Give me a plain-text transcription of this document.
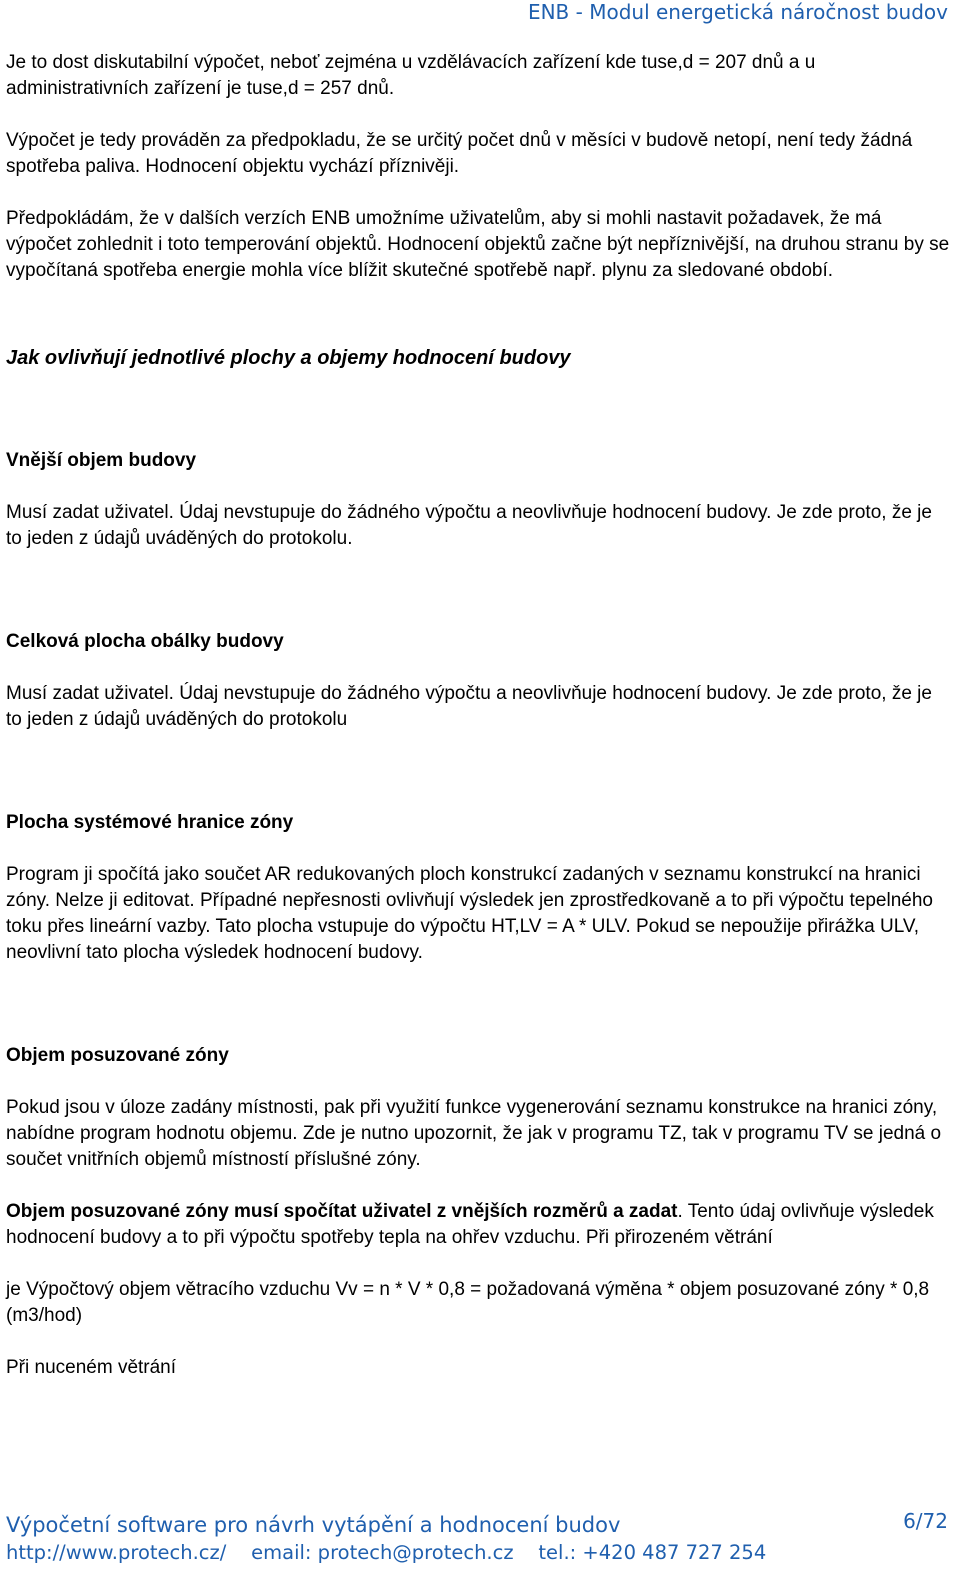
ENB - Modul energetická náročnost budov

Je to dost diskutabilní výpočet, neboť zejména u vzdělávacích zařízení kde tuse,d = 207 dnů a u administrativních zařízení je tuse,d = 257 dnů.

Výpočet je tedy prováděn za předpokladu, že se určitý počet dnů v měsíci v budově netopí, není tedy žádná spotřeba paliva. Hodnocení objektu vychází příznivěji.

Předpokládám, že v dalších verzích ENB umožníme uživatelům, aby si mohli nastavit požadavek, že má výpočet zohlednit i toto temperování objektů. Hodnocení objektů začne být nepříznivější, na druhou stranu by se vypočítaná spotřeba energie mohla více blížit skutečné spotřebě např. plynu za sledované období.

Jak ovlivňují jednotlivé plochy a objemy hodnocení budovy

Vnější objem budovy

Musí zadat uživatel. Údaj nevstupuje do žádného výpočtu a neovlivňuje hodnocení budovy. Je zde proto, že je to jeden z údajů uváděných do protokolu.

Celková plocha obálky budovy

Musí zadat uživatel. Údaj nevstupuje do žádného výpočtu a neovlivňuje hodnocení budovy. Je zde proto, že je to jeden z údajů uváděných do protokolu

Plocha systémové hranice zóny

Program ji spočítá jako součet AR redukovaných ploch konstrukcí zadaných v seznamu konstrukcí na hranici zóny. Nelze ji editovat. Případné nepřesnosti ovlivňují výsledek jen zprostředkovaně a to při výpočtu tepelného toku přes lineární vazby. Tato plocha vstupuje do výpočtu HT,LV = A * ULV. Pokud se nepoužije přirážka ULV, neovlivní tato plocha výsledek hodnocení budovy.

Objem posuzované zóny

Pokud jsou v úloze zadány místnosti, pak při využití funkce vygenerování seznamu konstrukce na hranici zóny, nabídne program hodnotu objemu. Zde je nutno upozornit, že jak v programu TZ, tak v programu TV se jedná o součet vnitřních objemů místností příslušné zóny.

Objem posuzované zóny musí spočítat uživatel z vnějších rozměrů a zadat. Tento údaj ovlivňuje výsledek hodnocení budovy a to při výpočtu spotřeby tepla na ohřev vzduchu. Při přirozeném větrání

je Výpočtový objem větracího vzduchu Vv = n * V * 0,8 = požadovaná výměna * objem posuzované zóny * 0,8 (m3/hod)

Při nuceném větrání

Výpočetní software pro návrh vytápění a hodnocení budov	6/72
http://www.protech.cz/ email: protech@protech.cz tel.: +420 487 727 254
